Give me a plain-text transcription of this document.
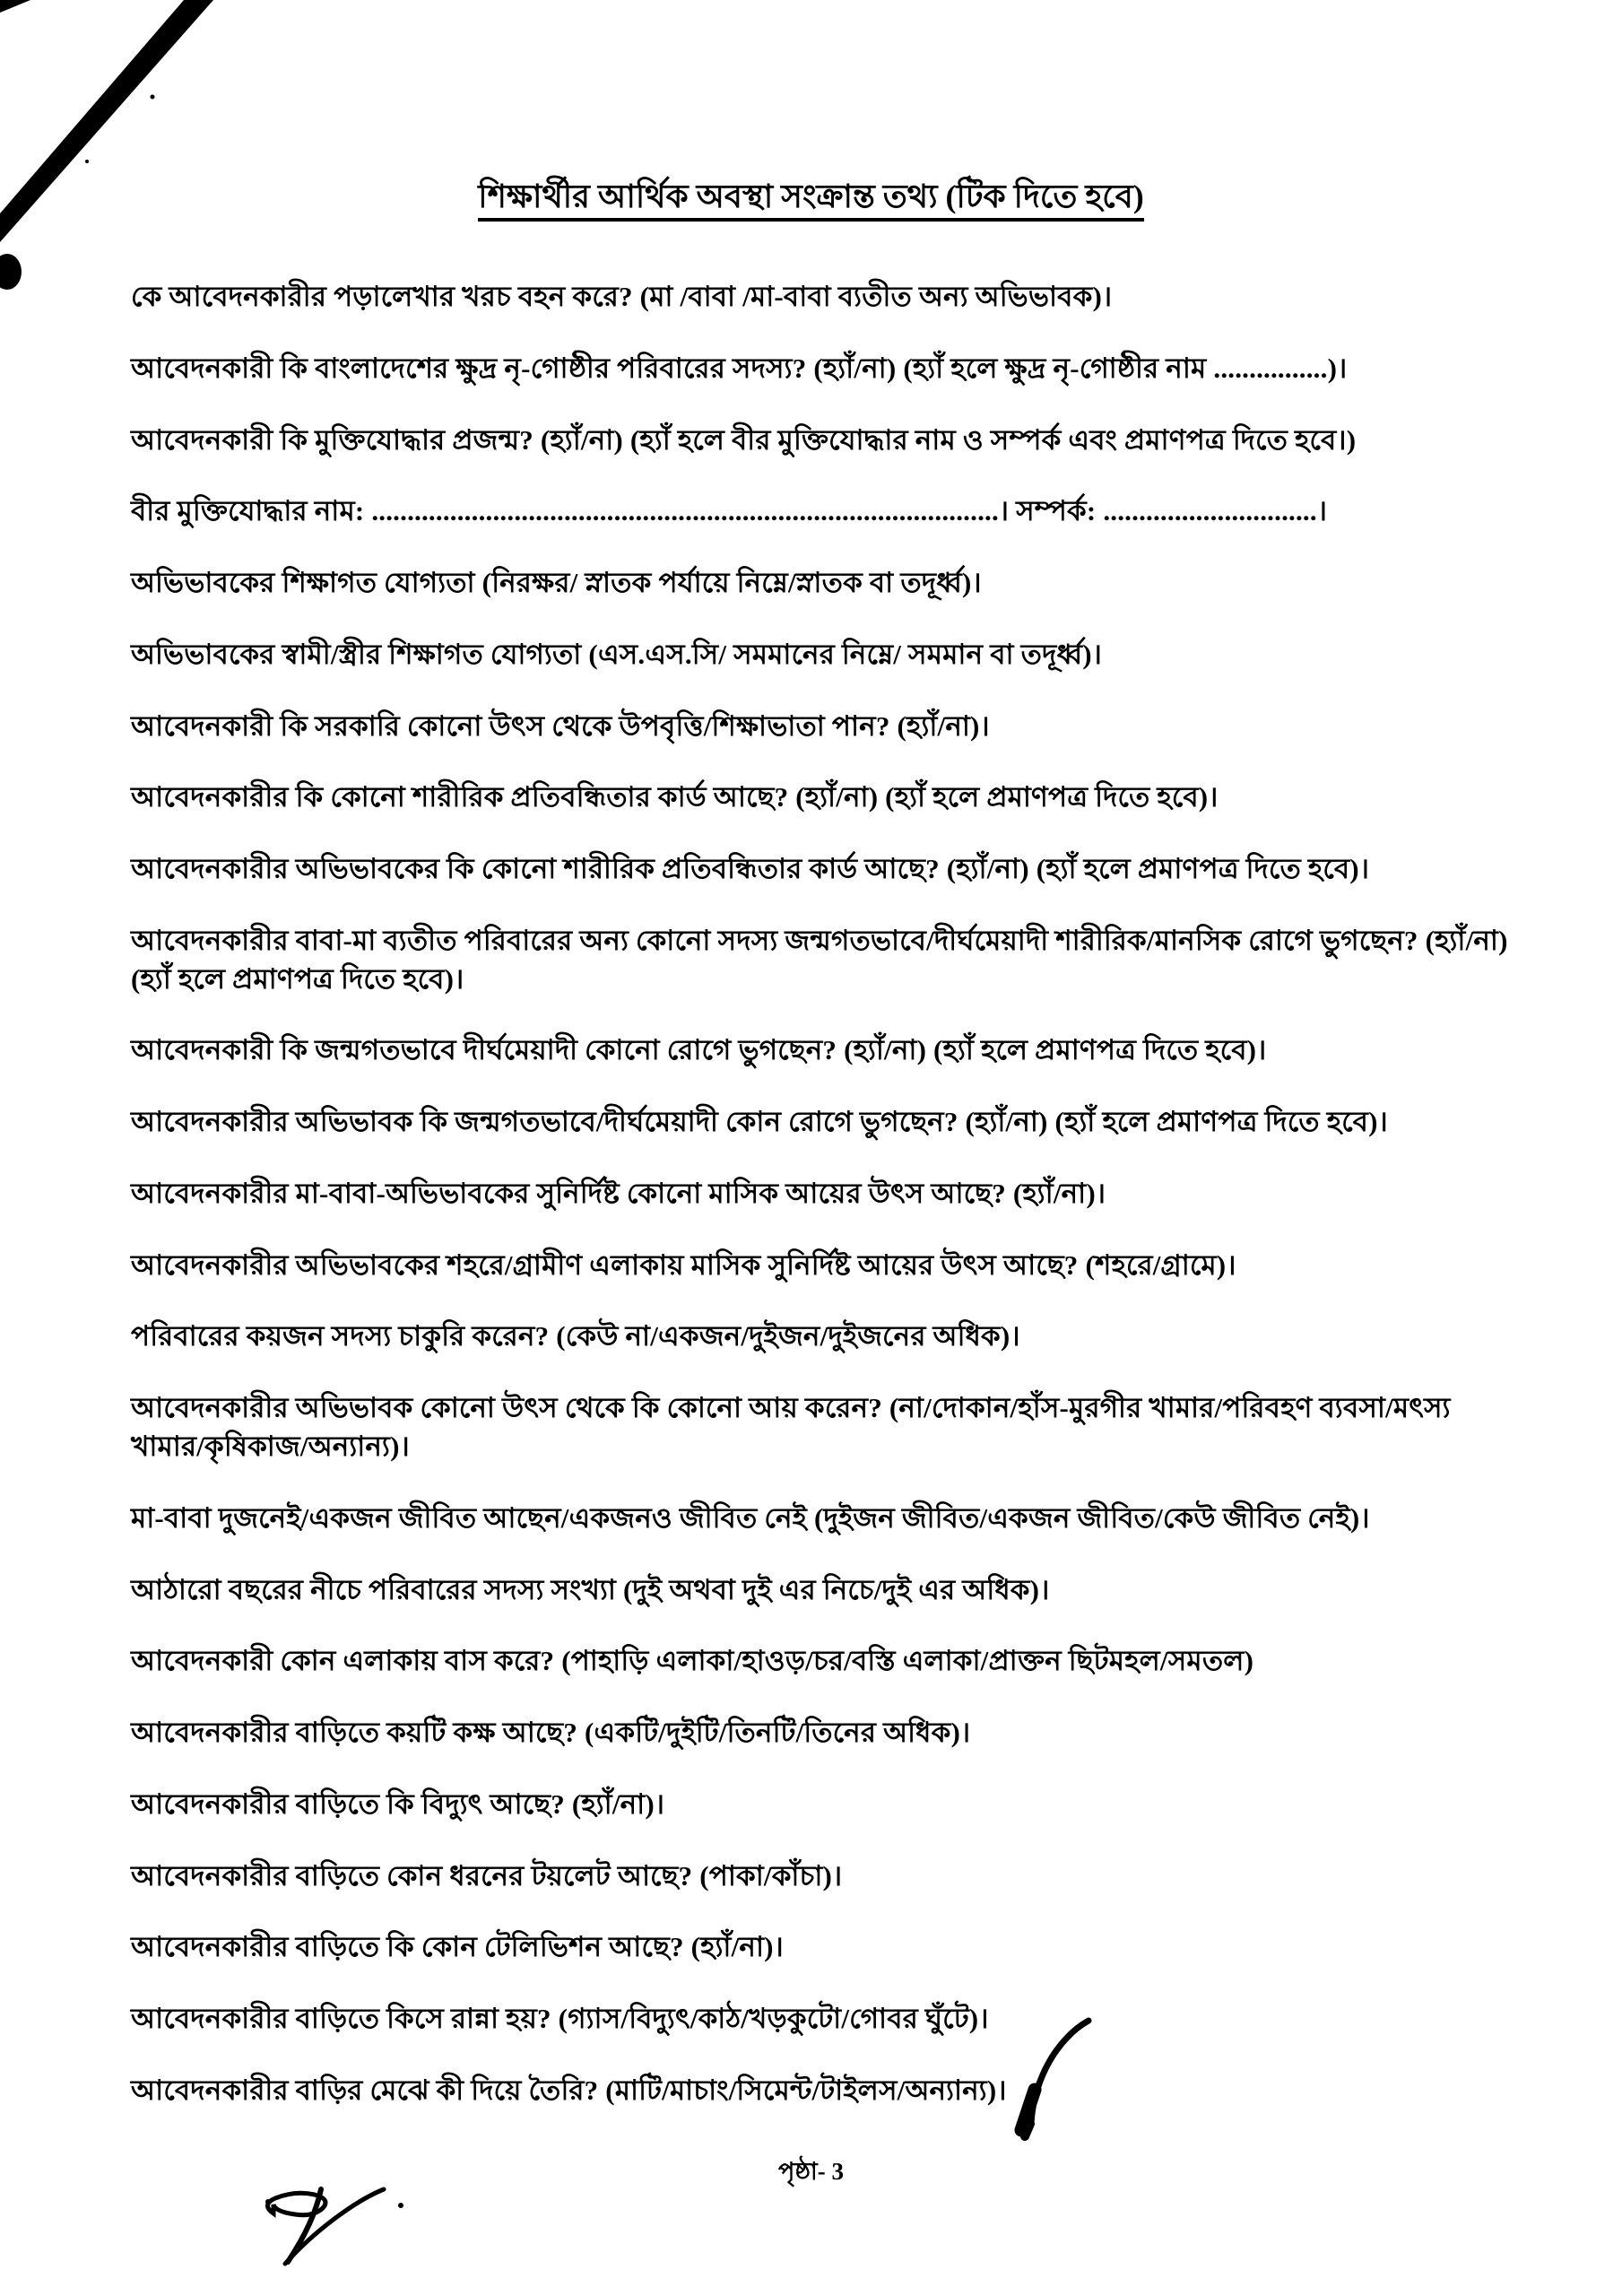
শিক্ষার্থীর আর্থিক অবস্থা সংক্রান্ত তথ্য (টিক দিতে হবে)

কে আবেদনকারীর পড়ালেখার খরচ বহন করে? (মা /বাবা /মা-বাবা ব্যতীত অন্য অভিভাবক)।

আবেদনকারী কি বাংলাদেশের ক্ষুদ্র নৃ-গোষ্ঠীর পরিবারের সদস্য? (হ্যাঁ/না) (হ্যাঁ হলে ক্ষুদ্র নৃ-গোষ্ঠীর নাম ................)।

আবেদনকারী কি মুক্তিযোদ্ধার প্রজন্ম? (হ্যাঁ/না) (হ্যাঁ হলে বীর মুক্তিযোদ্ধার নাম ও সম্পর্ক এবং প্রমাণপত্র দিতে হবে।)

বীর মুক্তিযোদ্ধার নাম: ........................................................................................। সম্পর্ক: ..............................।

অভিভাবকের শিক্ষাগত যোগ্যতা (নিরক্ষর/ স্নাতক পর্যায়ে নিম্নে/স্নাতক বা তদূর্ধ্ব)।

অভিভাবকের স্বামী/স্ত্রীর শিক্ষাগত যোগ্যতা (এস.এস.সি/ সমমানের নিম্নে/ সমমান বা তদূর্ধ্ব)।

আবেদনকারী কি সরকারি কোনো উৎস থেকে উপবৃত্তি/শিক্ষাভাতা পান? (হ্যাঁ/না)।

আবেদনকারীর কি কোনো শারীরিক প্রতিবন্ধিতার কার্ড আছে? (হ্যাঁ/না) (হ্যাঁ হলে প্রমাণপত্র দিতে হবে)।

আবেদনকারীর অভিভাবকের কি কোনো শারীরিক প্রতিবন্ধিতার কার্ড আছে? (হ্যাঁ/না) (হ্যাঁ হলে প্রমাণপত্র দিতে হবে)।

আবেদনকারীর বাবা-মা ব্যতীত পরিবারের অন্য কোনো সদস্য জন্মগতভাবে/দীর্ঘমেয়াদী শারীরিক/মানসিক রোগে ভুগছেন? (হ্যাঁ/না) (হ্যাঁ হলে প্রমাণপত্র দিতে হবে)।

আবেদনকারী কি জন্মগতভাবে দীর্ঘমেয়াদী কোনো রোগে ভুগছেন? (হ্যাঁ/না) (হ্যাঁ হলে প্রমাণপত্র দিতে হবে)।

আবেদনকারীর অভিভাবক কি জন্মগতভাবে/দীর্ঘমেয়াদী কোন রোগে ভুগছেন? (হ্যাঁ/না) (হ্যাঁ হলে প্রমাণপত্র দিতে হবে)।

আবেদনকারীর মা-বাবা-অভিভাবকের সুনির্দিষ্ট কোনো মাসিক আয়ের উৎস আছে? (হ্যাঁ/না)।

আবেদনকারীর অভিভাবকের শহরে/গ্রামীণ এলাকায় মাসিক সুনির্দিষ্ট আয়ের উৎস আছে? (শহরে/গ্রামে)।

পরিবারের কয়জন সদস্য চাকুরি করেন? (কেউ না/একজন/দুইজন/দুইজনের অধিক)।

আবেদনকারীর অভিভাবক কোনো উৎস থেকে কি কোনো আয় করেন? (না/দোকান/হাঁস-মুরগীর খামার/পরিবহণ ব্যবসা/মৎস্য খামার/কৃষিকাজ/অন্যান্য)।

মা-বাবা দুজনেই/একজন জীবিত আছেন/একজনও জীবিত নেই (দুইজন জীবিত/একজন জীবিত/কেউ জীবিত নেই)।

আঠারো বছরের নীচে পরিবারের সদস্য সংখ্যা (দুই অথবা দুই এর নিচে/দুই এর অধিক)।

আবেদনকারী কোন এলাকায় বাস করে? (পাহাড়ি এলাকা/হাওড়/চর/বস্তি এলাকা/প্রাক্তন ছিটমহল/সমতল)

আবেদনকারীর বাড়িতে কয়টি কক্ষ আছে? (একটি/দুইটি/তিনটি/তিনের অধিক)।

আবেদনকারীর বাড়িতে কি বিদ্যুৎ আছে? (হ্যাঁ/না)।

আবেদনকারীর বাড়িতে কোন ধরনের টয়লেট আছে? (পাকা/কাঁচা)।

আবেদনকারীর বাড়িতে কি কোন টেলিভিশন আছে? (হ্যাঁ/না)।

আবেদনকারীর বাড়িতে কিসে রান্না হয়? (গ্যাস/বিদ্যুৎ/কাঠ/খড়কুটো/গোবর ঘুঁটে)।

আবেদনকারীর বাড়ির মেঝে কী দিয়ে তৈরি? (মাটি/মাচাং/সিমেন্ট/টাইলস/অন্যান্য)।

পৃষ্ঠা- 3
